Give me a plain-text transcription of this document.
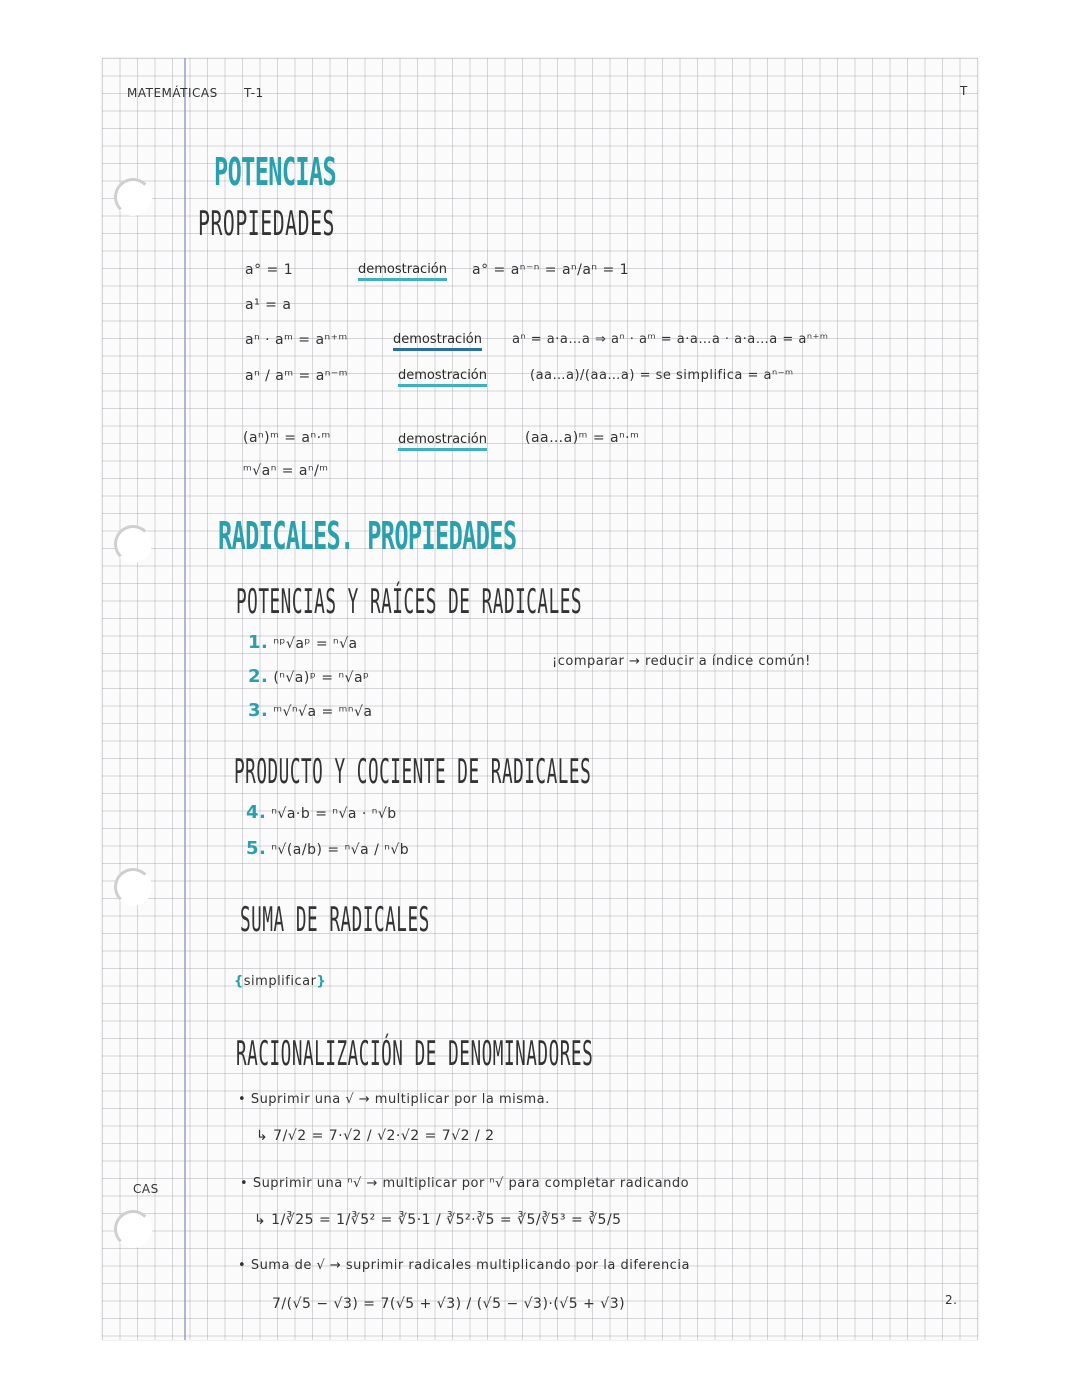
MATEMÁTICAS T-1	T
2.
CAS
POTENCIAS
PROPIEDADES
a° = 1	demostración a° = aⁿ⁻ⁿ = aⁿ/aⁿ = 1
a¹ = a
aⁿ · aᵐ = aⁿ⁺ᵐ	demostración aⁿ = a·a…a ⇒ aⁿ · aᵐ = a·a…a · a·a…a = aⁿ⁺ᵐ
aⁿ / aᵐ = aⁿ⁻ᵐ	demostración	(aa…a)/(aa…a) = se simplifica = aⁿ⁻ᵐ
(aⁿ)ᵐ = aⁿ·ᵐ	demostración	(aa…a)ᵐ = aⁿ·ᵐ
ᵐ√aⁿ = aⁿ/ᵐ
RADICALES. PROPIEDADES
POTENCIAS Y RAÍCES DE RADICALES
1. ⁿᵖ√aᵖ = ⁿ√a
2. (ⁿ√a)ᵖ = ⁿ√aᵖ
3. ᵐ√ⁿ√a = ᵐⁿ√a
¡comparar → reducir a índice común!
PRODUCTO Y COCIENTE DE RADICALES
4. ⁿ√a·b = ⁿ√a · ⁿ√b
5. ⁿ√(a/b) = ⁿ√a / ⁿ√b
SUMA DE RADICALES
{simplificar}
RACIONALIZACIÓN DE DENOMINADORES
• Suprimir una √ → multiplicar por la misma.
↳ 7/√2 = 7·√2 / √2·√2 = 7√2 / 2
• Suprimir una ⁿ√ → multiplicar por ⁿ√ para completar radicando
↳ 1/∛25 = 1/∛5² = ∛5·1 / ∛5²·∛5 = ∛5/∛5³ = ∛5/5
• Suma de √ → suprimir radicales multiplicando por la diferencia
7/(√5 − √3) = 7(√5 + √3) / (√5 − √3)·(√5 + √3)
